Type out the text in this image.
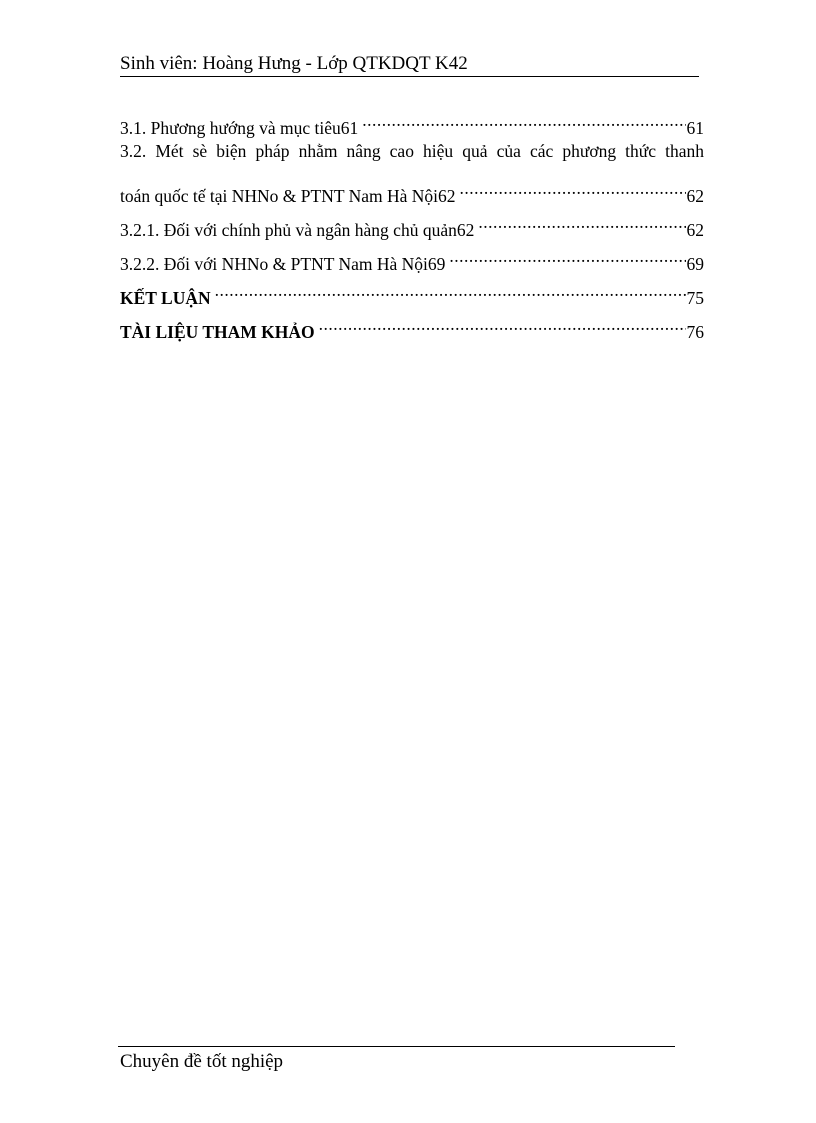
Sinh viên: Hoàng Hưng - Lớp QTKDQT K42
3.1. Phương hướng và mục tiêu61 .....	61
3.2. Mét sè biện pháp nhằm nâng cao hiệu quả của các phương thức thanh
toán quốc tế tại NHNo & PTNT Nam Hà Nội62 .....	62
3.2.1. Đối với chính phủ và ngân hàng chủ quản62 .....	62
3.2.2. Đối với NHNo & PTNT Nam Hà Nội69 .....	69
KẾT LUẬN .....	75
TÀI LIỆU THAM KHẢO .....	76
Chuyên đề tốt nghiệp
